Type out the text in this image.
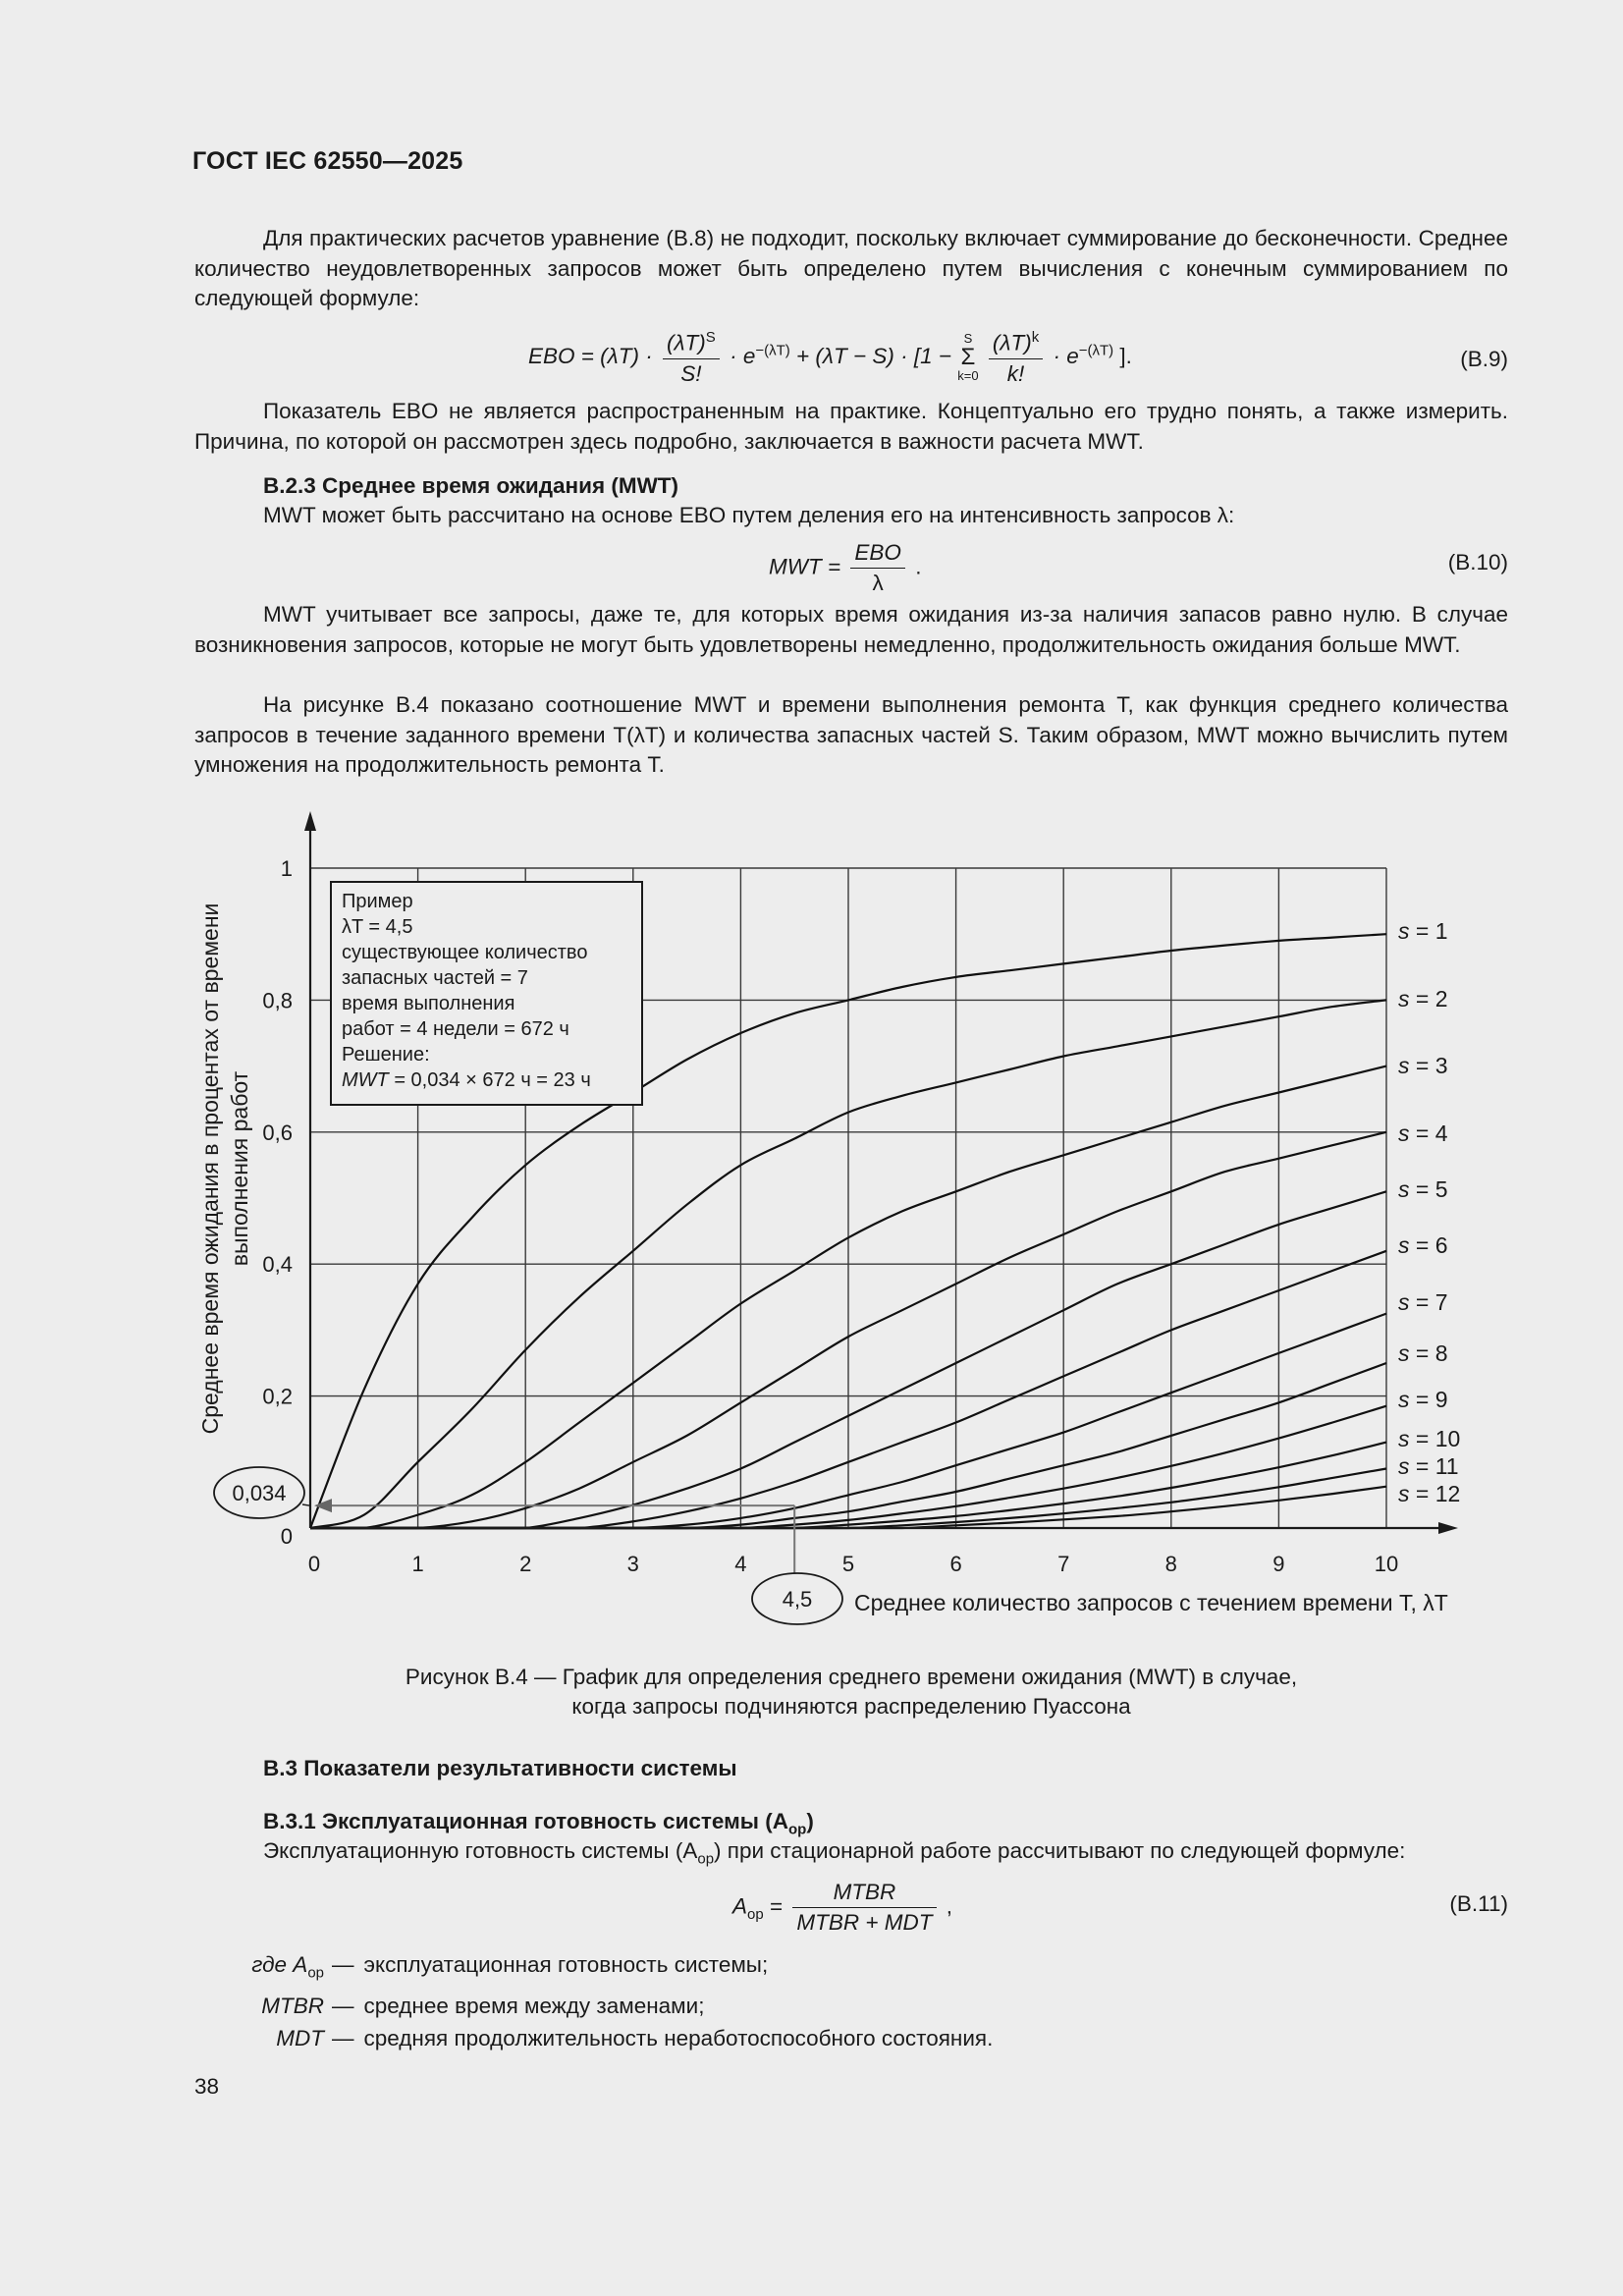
ГОСТ IEC 62550—2025

Для практических расчетов уравнение (B.8) не подходит, поскольку включает суммирование до бесконечности. Среднее количество неудовлетворенных запросов может быть определено путем вычисления с конечным суммированием по следующей формуле:

EBO = $(\lambda T) \cdot \frac{(\lambda T)^S}{S!} \cdot e^{-(\lambda T)} + (\lambda T - S) \cdot [1$ −
S
Σ
k=0
$\frac{(\lambda T)^k}{k!} \cdot e^{-(\lambda T)}$ ].	(B.9)

Показатель EBO не является распространенным на практике. Концептуально его трудно понять, а также измерить. Причина, по которой он рассмотрен здесь подробно, заключается в важности расчета MWT.

B.2.3 Среднее время ожидания (MWT)
MWT может быть рассчитано на основе EBO путем деления его на интенсивность запросов λ:
MWT = $\frac{\text{EBO}}{\lambda}$ .	(B.10)

MWT учитывает все запросы, даже те, для которых время ожидания из-за наличия запасов равно нулю. В случае возникновения запросов, которые не могут быть удовлетворены немедленно, продолжительность ожидания больше MWT.

На рисунке B.4 показано соотношение MWT и времени выполнения ремонта T, как функция среднего количества запросов в течение заданного времени T(λT) и количества запасных частей S. Таким образом, MWT можно вычислить путем умножения на продолжительность ремонта T.

0	1	2	3	4	5	6	7	8	9	10
0
0,2
0,4
0,6
0,8
1
s = 1
s = 2
s = 3
s = 4
s = 5
s = 6
s = 7
s = 8
s = 9
s = 10
s = 11
s = 12
Среднее время ожидания в процентах от времени выполнения работ
Среднее количество запросов с течением времени T, λT
Пример
λT = 4,5
существующее количество
запасных частей = 7
время выполнения
работ = 4 недели = 672 ч
Решение:
MWT = 0,034 × 672 ч = 23 ч
0,034
4,5
Рисунок B.4 — График для определения среднего времени ожидания (MWT) в случае,
когда запросы подчиняются распределению Пуассона
B.3 Показатели результативности системы
B.3.1 Эксплуатационная готовность системы $(A_{op})$
Эксплуатационную готовность системы $(A_{op})$ при стационарной работе рассчитывают по следующей формуле:
$A_{op} = \frac{\text{MTBR}}{\text{MTBR + MDT}}$ ,	(B.11)
где $A_{op}$ — эксплуатационная готовность системы;
MTBR — среднее время между заменами;
MDT — средняя продолжительность неработоспособного состояния.
38
